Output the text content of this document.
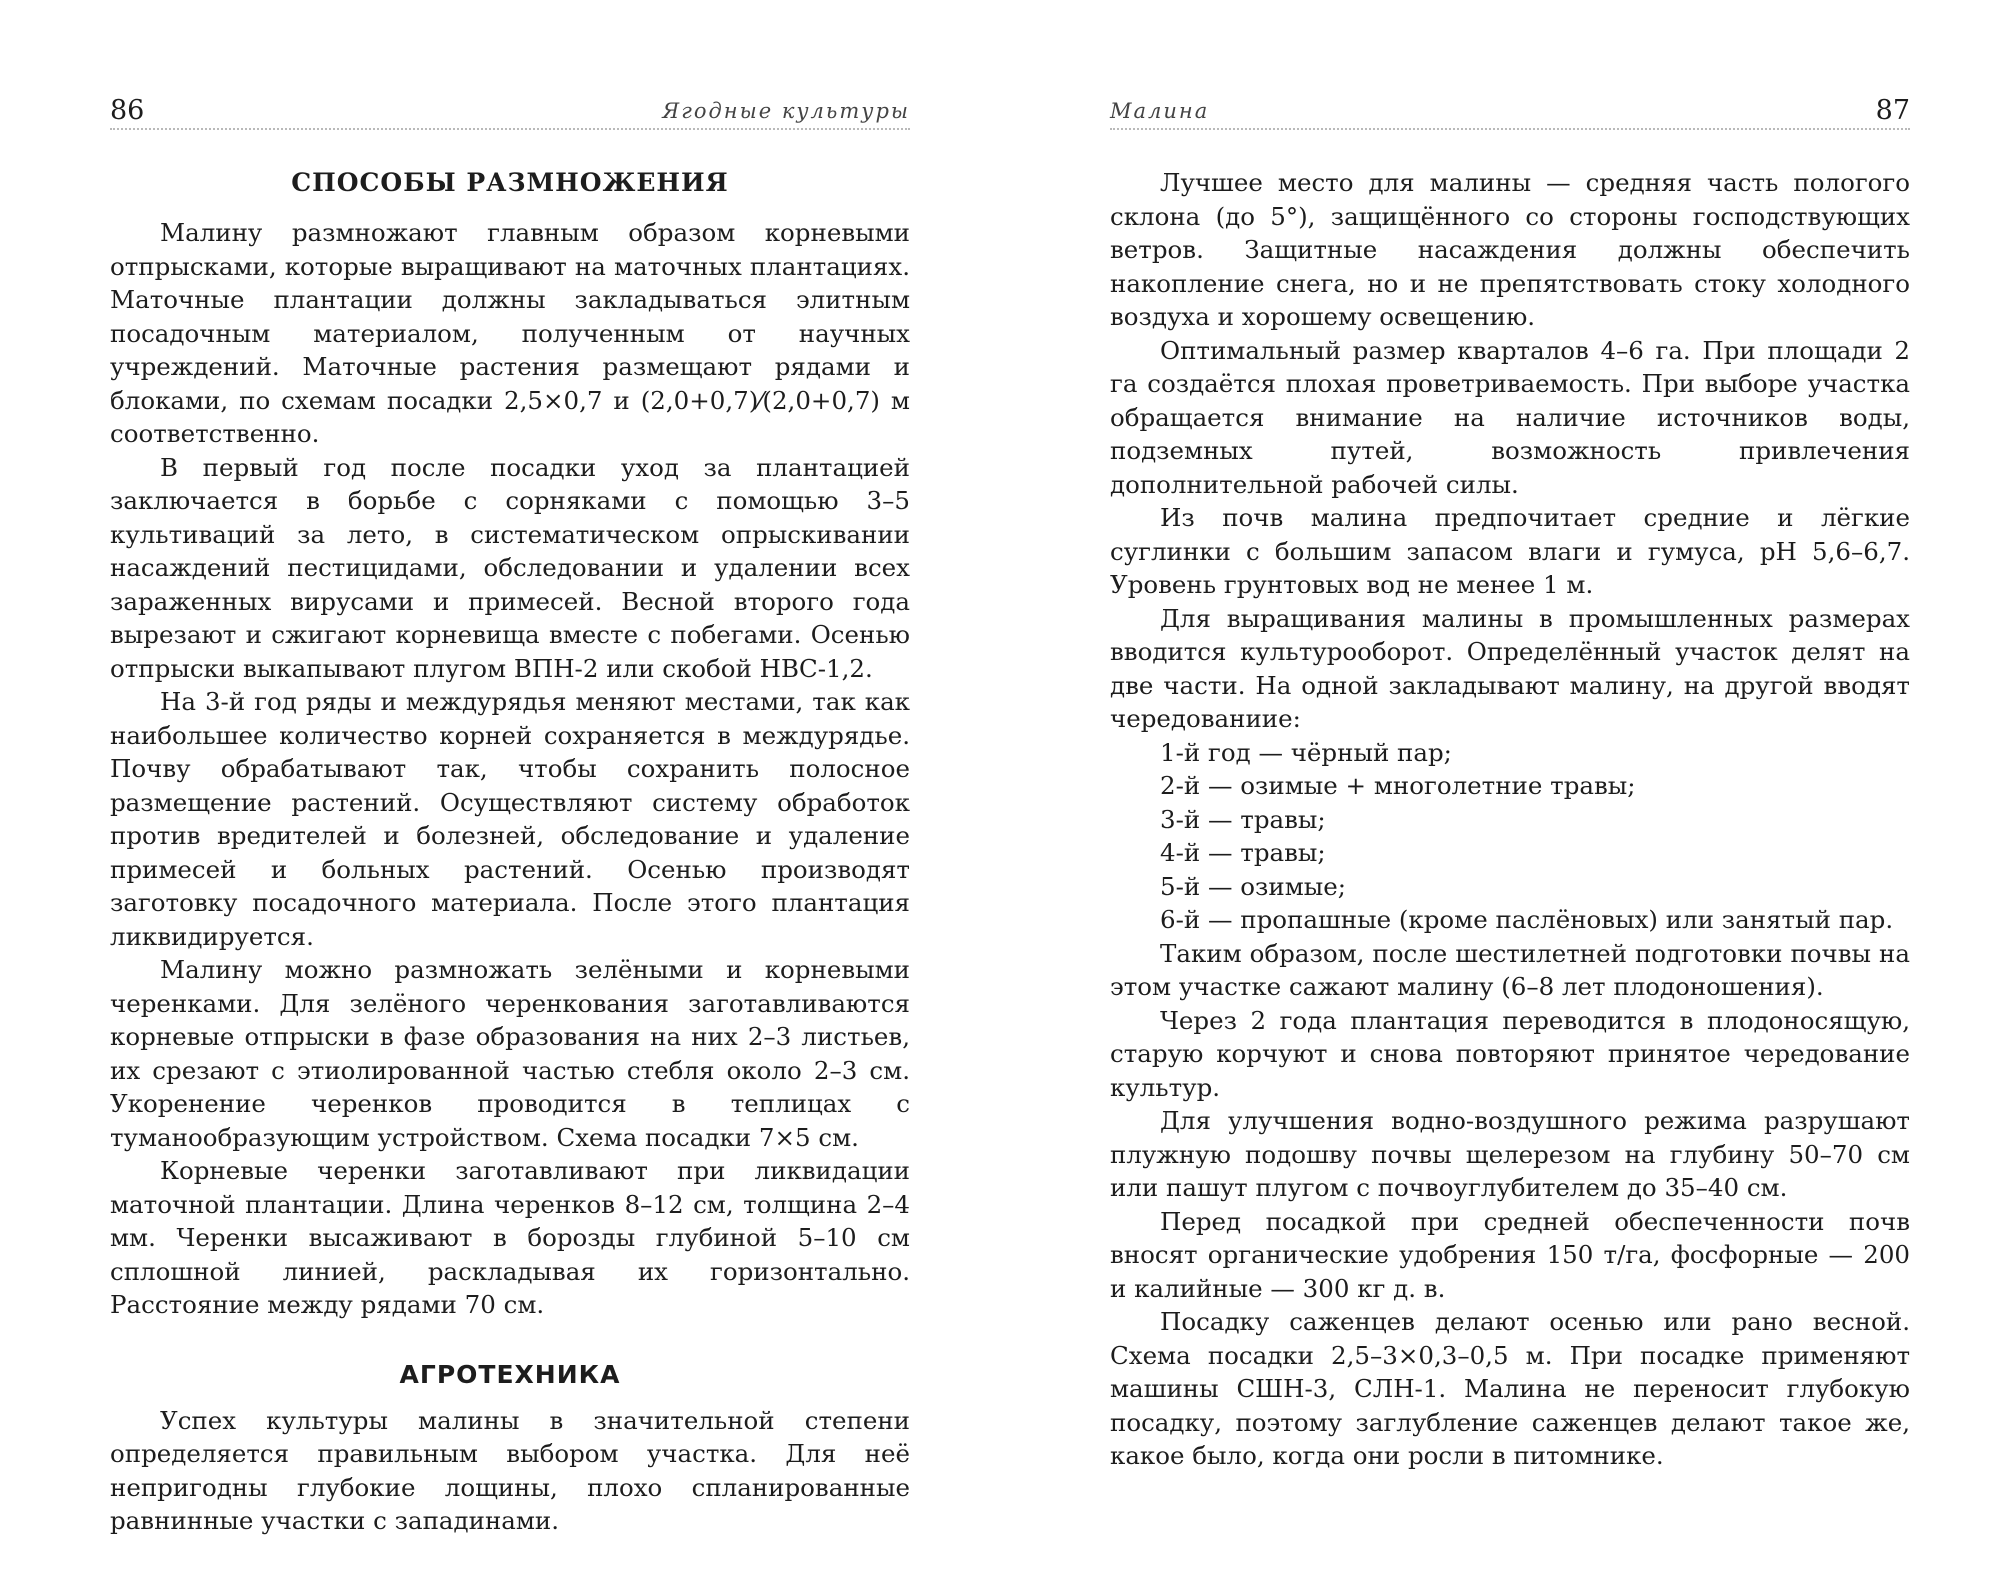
86	Ягодные культуры
СПОСОБЫ РАЗМНОЖЕНИЯ

Малину размножают главным образом корневыми отпрысками, которые выращивают на маточных плантациях. Маточные плантации должны закладываться элитным посадочным материалом, полученным от научных учреждений. Маточные растения размещают рядами и блоками, по схемам посадки 2,5×0,7 и (2,0+0,7)⁄(2,0+0,7) м соответственно.

В первый год после посадки уход за плантацией заключается в борьбе с сорняками с помощью 3–5 культиваций за лето, в систематическом опрыскивании насаждений пестицидами, обследовании и удалении всех зараженных вирусами и примесей. Весной второго года вырезают и сжигают корневища вместе с побегами. Осенью отпрыски выкапывают плугом ВПН-2 или скобой НВС-1,2.

На 3-й год ряды и междурядья меняют местами, так как наибольшее количество корней сохраняется в междурядье. Почву обрабатывают так, чтобы сохранить полосное размещение растений. Осуществляют систему обработок против вредителей и болезней, обследование и удаление примесей и больных растений. Осенью производят заготовку посадочного материала. После этого плантация ликвидируется.

Малину можно размножать зелёными и корневыми черенками. Для зелёного черенкования заготавливаются корневые отпрыски в фазе образования на них 2–3 листьев, их срезают с этиолированной частью стебля около 2–3 см. Укоренение черенков проводится в теплицах с туманообразующим устройством. Схема посадки 7×5 см.

Корневые черенки заготавливают при ликвидации маточной плантации. Длина черенков 8–12 см, толщина 2–4 мм. Черенки высаживают в борозды глубиной 5–10 см сплошной линией, раскладывая их горизонтально. Расстояние между рядами 70 см.

АГРОТЕХНИКА

Успех культуры малины в значительной степени определяется правильным выбором участка. Для неё непригодны глубокие лощины, плохо спланированные равнинные участки с западинами.

Малина	87

Лучшее место для малины — средняя часть пологого склона (до 5°), защищённого со стороны господствующих ветров. Защитные насаждения должны обеспечить накопление снега, но и не препятствовать стоку холодного воздуха и хорошему освещению.

Оптимальный размер кварталов 4–6 га. При площади 2 га создаётся плохая проветриваемость. При выборе участка обращается внимание на наличие источников воды, подземных путей, возможность привлечения дополнительной рабочей силы.

Из почв малина предпочитает средние и лёгкие суглинки с большим запасом влаги и гумуса, pH 5,6–6,7. Уровень грунтовых вод не менее 1 м.

Для выращивания малины в промышленных размерах вводится культурооборот. Определённый участок делят на две части. На одной закладывают малину, на другой вводят чередованиие:

1-й год — чёрный пар;
2-й — озимые + многолетние травы;
3-й — травы;
4-й — травы;
5-й — озимые;
6-й — пропашные (кроме паслёновых) или занятый пар.

Таким образом, после шестилетней подготовки почвы на этом участке сажают малину (6–8 лет плодоношения).

Через 2 года плантация переводится в плодоносящую, старую корчуют и снова повторяют принятое чередование культур.

Для улучшения водно-воздушного режима разрушают плужную подошву почвы щелерезом на глубину 50–70 см или пашут плугом с почвоуглубителем до 35–40 см.

Перед посадкой при средней обеспеченности почв вносят органические удобрения 150 т/га, фосфорные — 200 и калийные — 300 кг д. в.

Посадку саженцев делают осенью или рано весной. Схема посадки 2,5–3×0,3–0,5 м. При посадке применяют машины СШН-3, СЛН-1. Малина не переносит глубокую посадку, поэтому заглубление саженцев делают такое же, какое было, когда они росли в питомнике.
